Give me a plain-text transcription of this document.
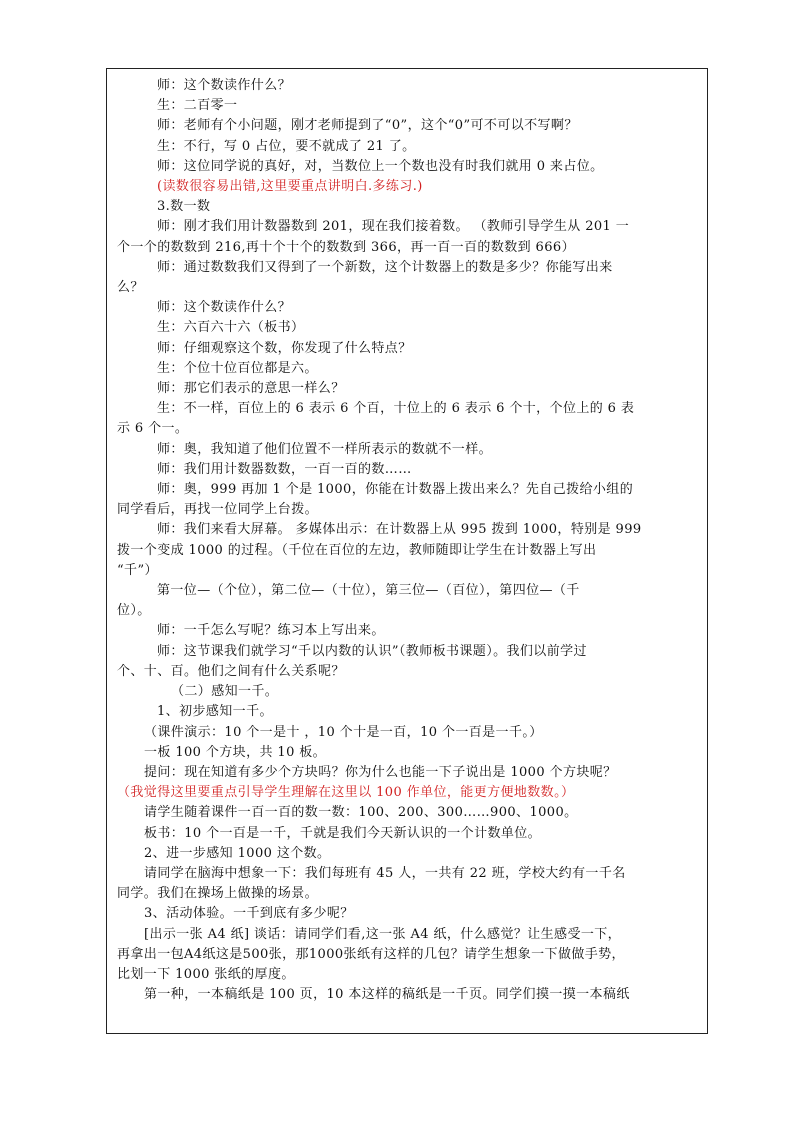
师：这个数读作什么？

生：二百零一

师：老师有个小问题，刚才老师提到了“0”，这个“0”可不可以不写啊？

生：不行，写 0 占位，要不就成了 21 了。

师：这位同学说的真好，对，当数位上一个数也没有时我们就用 0 来占位。

(读数很容易出错,这里要重点讲明白.多练习.)

3.数一数

师：刚才我们用计数器数到 201，现在我们接着数。 （教师引导学生从 201 一

个一个的数数到 216,再十个十个的数数到 366，再一百一百的数数到 666）

师：通过数数我们又得到了一个新数，这个计数器上的数是多少？你能写出来

么？

师：这个数读作什么？

生：六百六十六（板书）

师：仔细观察这个数，你发现了什么特点？

生：个位十位百位都是六。

师：那它们表示的意思一样么？

生：不一样，百位上的 6 表示 6 个百，十位上的 6 表示 6 个十，个位上的 6 表

示 6 个一。

师：奥，我知道了他们位置不一样所表示的数就不一样。

师：我们用计数器数数，一百一百的数……

师：奥，999 再加 1 个是 1000，你能在计数器上拨出来么？先自己拨给小组的

同学看后，再找一位同学上台拨。

师：我们来看大屏幕。 多媒体出示：在计数器上从 995 拨到 1000，特别是 999

拨一个变成 1000 的过程。（千位在百位的左边，教师随即让学生在计数器上写出

“千”）

第一位—（个位），第二位—（十位），第三位—（百位），第四位—（千

位）。

师：一千怎么写呢？练习本上写出来。

师：这节课我们就学习“千以内数的认识”（教师板书课题）。我们以前学过

个、十、百。他们之间有什么关系呢？

（二）感知一千。

1、初步感知一千。

（课件演示：10 个一是十 ，10 个十是一百，10 个一百是一千。）

一板 100 个方块，共 10 板。

提问：现在知道有多少个方块吗？你为什么也能一下子说出是 1000 个方块呢？

（我觉得这里要重点引导学生理解在这里以 100 作单位，能更方便地数数。）

请学生随着课件一百一百的数一数：100、200、300……900、1000。

板书：10 个一百是一千，千就是我们今天新认识的一个计数单位。

2、进一步感知 1000 这个数。

请同学在脑海中想象一下：我们每班有 45 人，一共有 22 班，学校大约有一千名

同学。我们在操场上做操的场景。

3、活动体验。一千到底有多少呢？

[出示一张 A4 纸] 谈话：请同学们看,这一张 A4 纸，什么感觉？让生感受一下，

再拿出一包A4纸这是500张，那1000张纸有这样的几包？请学生想象一下做做手势，

比划一下 1000 张纸的厚度。

第一种，一本稿纸是 100 页，10 本这样的稿纸是一千页。同学们摸一摸一本稿纸
